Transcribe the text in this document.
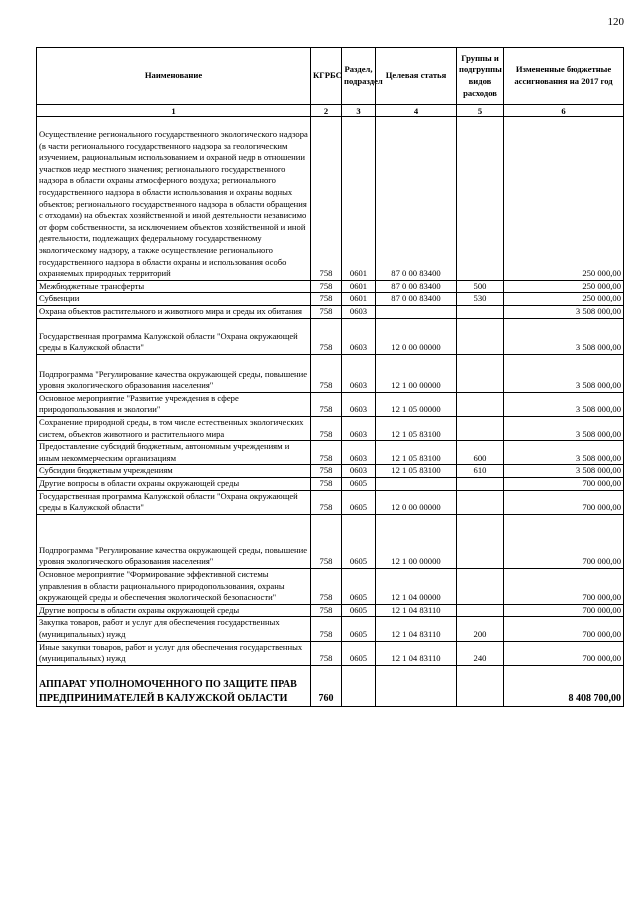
120
Наименование	КГРБС	Раздел, подраздел	Целевая статья	Группы и подгруппы видов расходов	Измененные бюджетные ассигнования на 2017 год
1	2	3	4	5	6
Осуществление регионального государственного экологического надзора (в части регионального государственного надзора за геологическим изучением, рациональным использованием и охраной недр в отношении участков недр местного значения; регионального государственного надзора в области охраны атмосферного воздуха; регионального государственного надзора в области использования и охраны водных объектов; регионального государственного надзора в области обращения с отходами) на объектах хозяйственной и иной деятельности независимо от форм собственности, за исключением объектов хозяйственной и иной деятельности, подлежащих федеральному государственному экологическому надзору, а также осуществление регионального государственного надзора в области охраны и использования особо охраняемых природных территорий	758	0601	87 0 00 83400		250 000,00
Межбюджетные трансферты	758	0601	87 0 00 83400	500	250 000,00
Субвенции	758	0601	87 0 00 83400	530	250 000,00
Охрана объектов растительного и животного мира и среды их обитания	758	0603			3 508 000,00
Государственная программа Калужской области "Охрана окружающей среды в Калужской области"	758	0603	12 0 00 00000		3 508 000,00
Подпрограмма "Регулирование качества окружающей среды, повышение уровня экологического образования населения"	758	0603	12 1 00 00000		3 508 000,00
Основное мероприятие "Развитие учреждения в сфере природопользования и экологии"	758	0603	12 1 05 00000		3 508 000,00
Сохранение природной среды, в том числе естественных экологических систем, объектов животного и растительного мира	758	0603	12 1 05 83100		3 508 000,00
Предоставление субсидий бюджетным, автономным учреждениям и иным некоммерческим организациям	758	0603	12 1 05 83100	600	3 508 000,00
Субсидии бюджетным учреждениям	758	0603	12 1 05 83100	610	3 508 000,00
Другие вопросы в области охраны окружающей среды	758	0605			700 000,00
Государственная программа Калужской области "Охрана окружающей среды в Калужской области"	758	0605	12 0 00 00000		700 000,00
Подпрограмма "Регулирование качества окружающей среды, повышение уровня экологического образования населения"	758	0605	12 1 00 00000		700 000,00
Основное мероприятие "Формирование эффективной системы управления в области рационального природопользования, охраны окружающей среды и обеспечения экологической безопасности"	758	0605	12 1 04 00000		700 000,00
Другие вопросы в области охраны окружающей среды	758	0605	12 1 04 83110		700 000,00
Закупка товаров, работ и услуг для обеспечения государственных (муниципальных) нужд	758	0605	12 1 04 83110	200	700 000,00
Иные закупки товаров, работ и услуг для обеспечения государственных (муниципальных) нужд	758	0605	12 1 04 83110	240	700 000,00
АППАРАТ УПОЛНОМОЧЕННОГО ПО ЗАЩИТЕ ПРАВ ПРЕДПРИНИМАТЕЛЕЙ В КАЛУЖСКОЙ ОБЛАСТИ	760				8 408 700,00
